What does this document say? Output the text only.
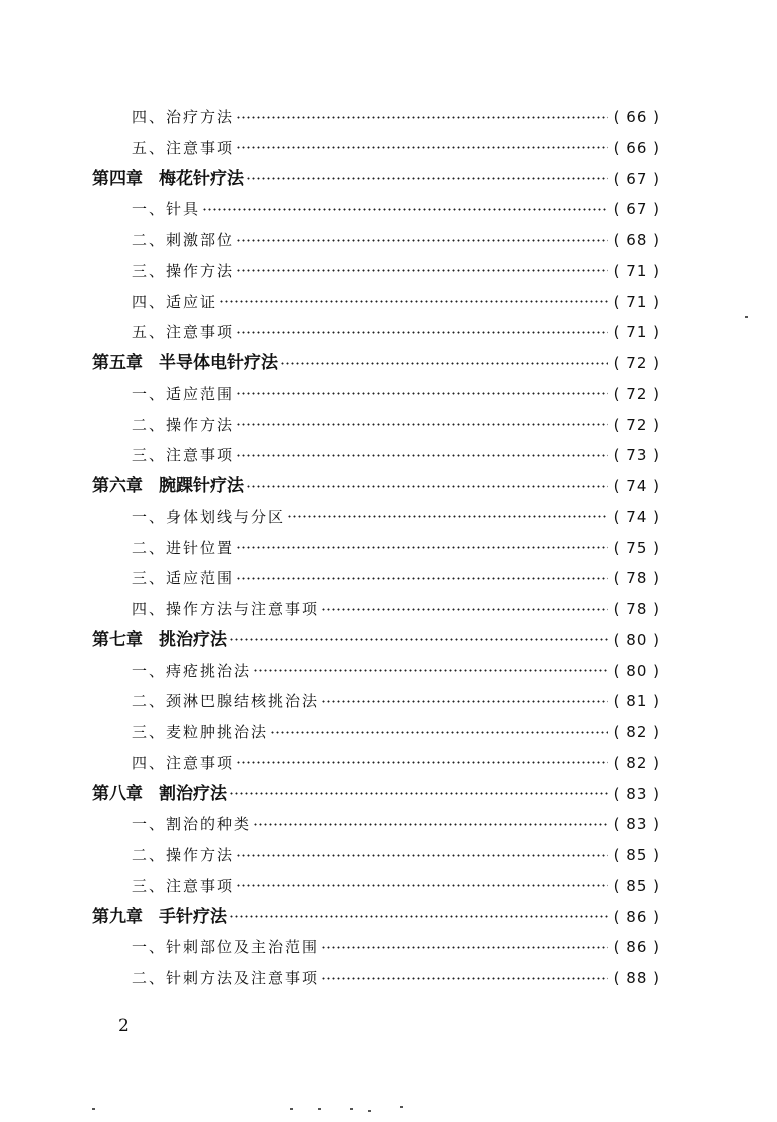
四 、 治疗方法	( 66 )
五 、 注意事项	( 66 )
第四章 梅花针疗法	( 67 )
一 、 针具	( 67 )
二 、 刺激部位	( 68 )
三 、 操作方法	( 71 )
四 、 适应证	( 71 )
五 、 注意事项	( 71 )
第五章 半导体电针疗法	( 72 )
一 、 适应范围	( 72 )
二 、 操作方法	( 72 )
三 、 注意事项	( 73 )
第六章 腕踝针疗法	( 74 )
一 、 身体划线与分区	( 74 )
二 、 进针位置	( 75 )
三 、 适应范围	( 78 )
四 、 操作方法与注意事项	( 78 )
第七章 挑治疗法	( 80 )
一 、 痔疮挑治法	( 80 )
二 、 颈淋巴腺结核挑治法	( 81 )
三 、 麦粒肿挑治法	( 82 )
四 、 注意事项	( 82 )
第八章 割治疗法	( 83 )
一 、 割治的种类	( 83 )
二 、 操作方法	( 85 )
三 、 注意事项	( 85 )
第九章 手针疗法	( 86 )
一 、 针刺部位及主治范围	( 86 )
二 、 针刺方法及注意事项	( 88 )
2
